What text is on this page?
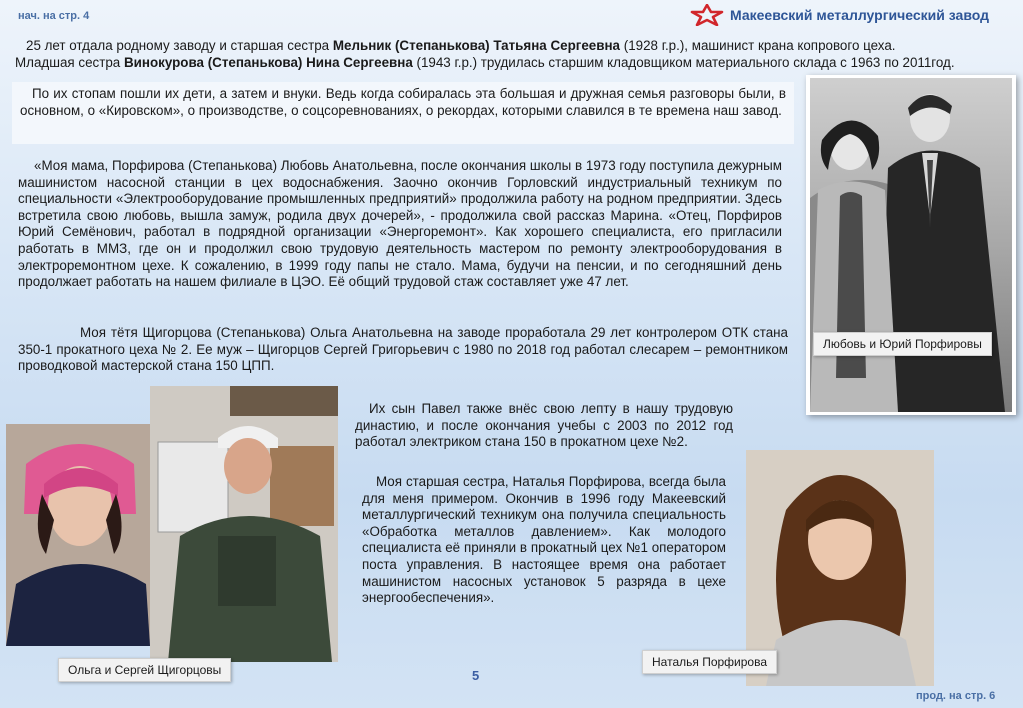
нач. на стр. 4	Макеевский металлургический завод
25 лет отдала родному заводу и старшая сестра Мельник (Степанькова) Татьяна Сергеевна (1928 г.р.), машинист крана копрового цеха.
Младшая сестра Винокурова (Степанькова) Нина Сергеевна (1943 г.р.) трудилась старшим кладовщиком материального склада с 1963 по 2011год.

По их стопам пошли их дети, а затем и внуки. Ведь когда собиралась эта большая и дружная семья разговоры были, в основном, о «Кировском», о производстве, о соцсоревнованиях, о рекордах, которыми славился в те времена наш завод.

«Моя мама, Порфирова (Степанькова) Любовь Анатольевна, после окончания школы в 1973 году поступила дежурным машинистом насосной станции в цех водоснабжения. Заочно окончив Горловский индустриальный техникум по специальности «Электрооборудование промышленных предприятий» продолжила работу на родном предприятии. Здесь встретила свою любовь, вышла замуж, родила двух дочерей», - продолжила свой рассказ Марина. «Отец, Порфиров Юрий Семёнович, работал в подрядной организации «Энергоремонт». Как хорошего специалиста, его пригласили работать в ММЗ, где он и продолжил свою трудовую деятельность мастером по ремонту электрооборудования в электроремонтном цехе. К сожалению, в 1999 году папы не стало. Мама, будучи на пенсии, и по сегодняшний день продолжает работать на нашем филиале в ЦЭО. Её общий трудовой стаж составляет уже 47 лет.

Моя тётя Щигорцова (Степанькова) Ольга Анатольевна на заводе проработала 29 лет контролером ОТК стана 350-1 прокатного цеха № 2. Ее муж – Щигорцов Сергей Григорьевич с 1980 по 2018 год работал слесарем – ремонтником проводковой мастерской стана 150 ЦПП.

Их сын Павел также внёс свою лепту в нашу трудовую династию, и после окончания учебы с 2003 по 2012 год работал электриком стана 150 в прокатном цехе №2.

Моя старшая сестра, Наталья Порфирова, всегда была для меня примером. Окончив в 1996 году Макеевский металлургический техникум она получила специальность «Обработка металлов давлением». Как молодого специалиста её приняли в прокатный цех №1 оператором поста управления. В настоящее время она работает машинистом насосных установок 5 разряда в цехе энергообеспечения».

Любовь и Юрий Порфировы
Ольга и Сергей Щигорцовы
Наталья Порфирова
5
прод. на стр. 6
